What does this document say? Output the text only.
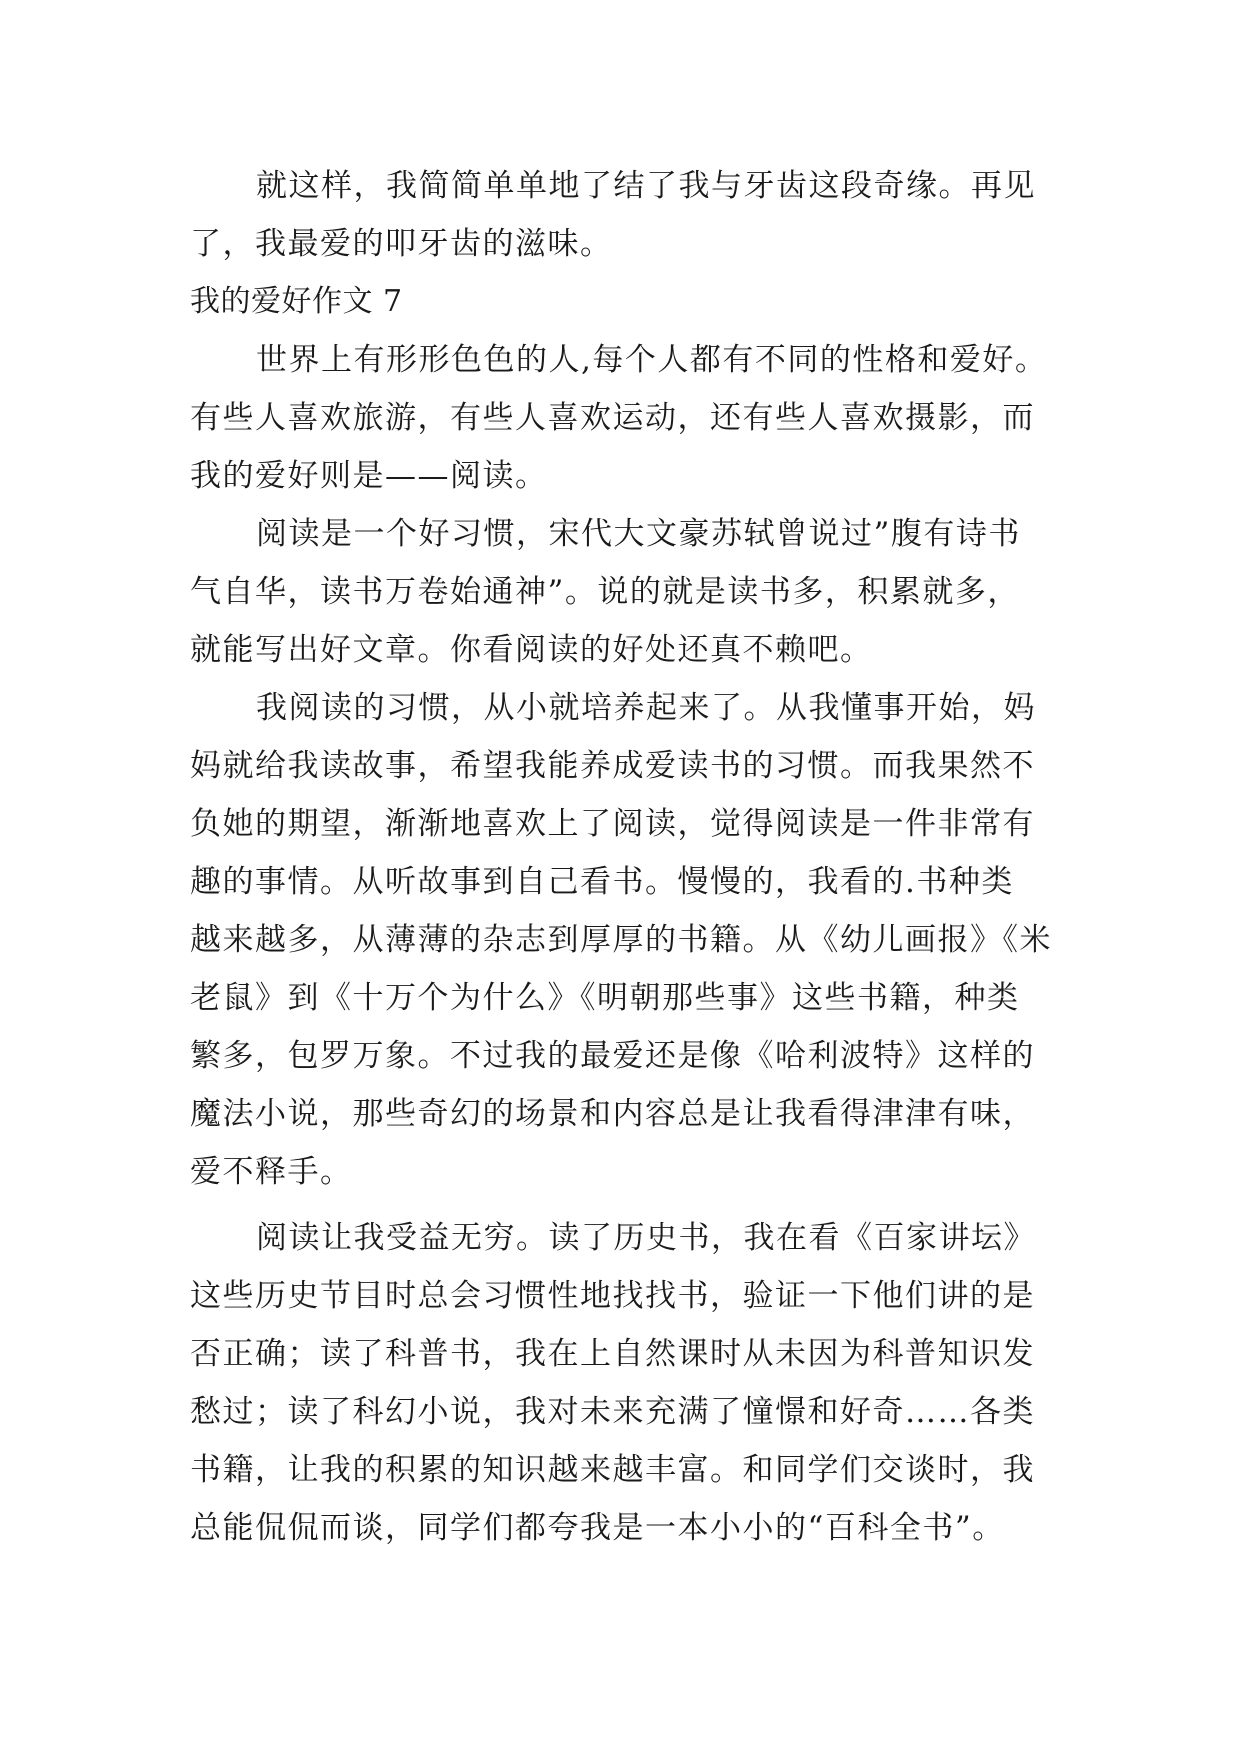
就这样，我简简单单地了结了我与牙齿这段奇缘。再见

了，我最爱的叩牙齿的滋味。

我的爱好作文 7

世界上有形形色色的人,每个人都有不同的性格和爱好。

有些人喜欢旅游，有些人喜欢运动，还有些人喜欢摄影，而

我的爱好则是——阅读。

阅读是一个好习惯，宋代大文豪苏轼曾说过”腹有诗书

气自华，读书万卷始通神”。说的就是读书多，积累就多，

就能写出好文章。你看阅读的好处还真不赖吧。

我阅读的习惯，从小就培养起来了。从我懂事开始，妈

妈就给我读故事，希望我能养成爱读书的习惯。而我果然不

负她的期望，渐渐地喜欢上了阅读，觉得阅读是一件非常有

趣的事情。从听故事到自己看书。慢慢的，我看的.书种类

越来越多，从薄薄的杂志到厚厚的书籍。从《幼儿画报》《米

老鼠》到《十万个为什么》《明朝那些事》这些书籍，种类

繁多，包罗万象。不过我的最爱还是像《哈利波特》这样的

魔法小说，那些奇幻的场景和内容总是让我看得津津有味，

爱不释手。

阅读让我受益无穷。读了历史书，我在看《百家讲坛》

这些历史节目时总会习惯性地找找书，验证一下他们讲的是

否正确；读了科普书，我在上自然课时从未因为科普知识发

愁过；读了科幻小说，我对未来充满了憧憬和好奇……各类

书籍，让我的积累的知识越来越丰富。和同学们交谈时，我

总能侃侃而谈，同学们都夸我是一本小小的“百科全书”。
